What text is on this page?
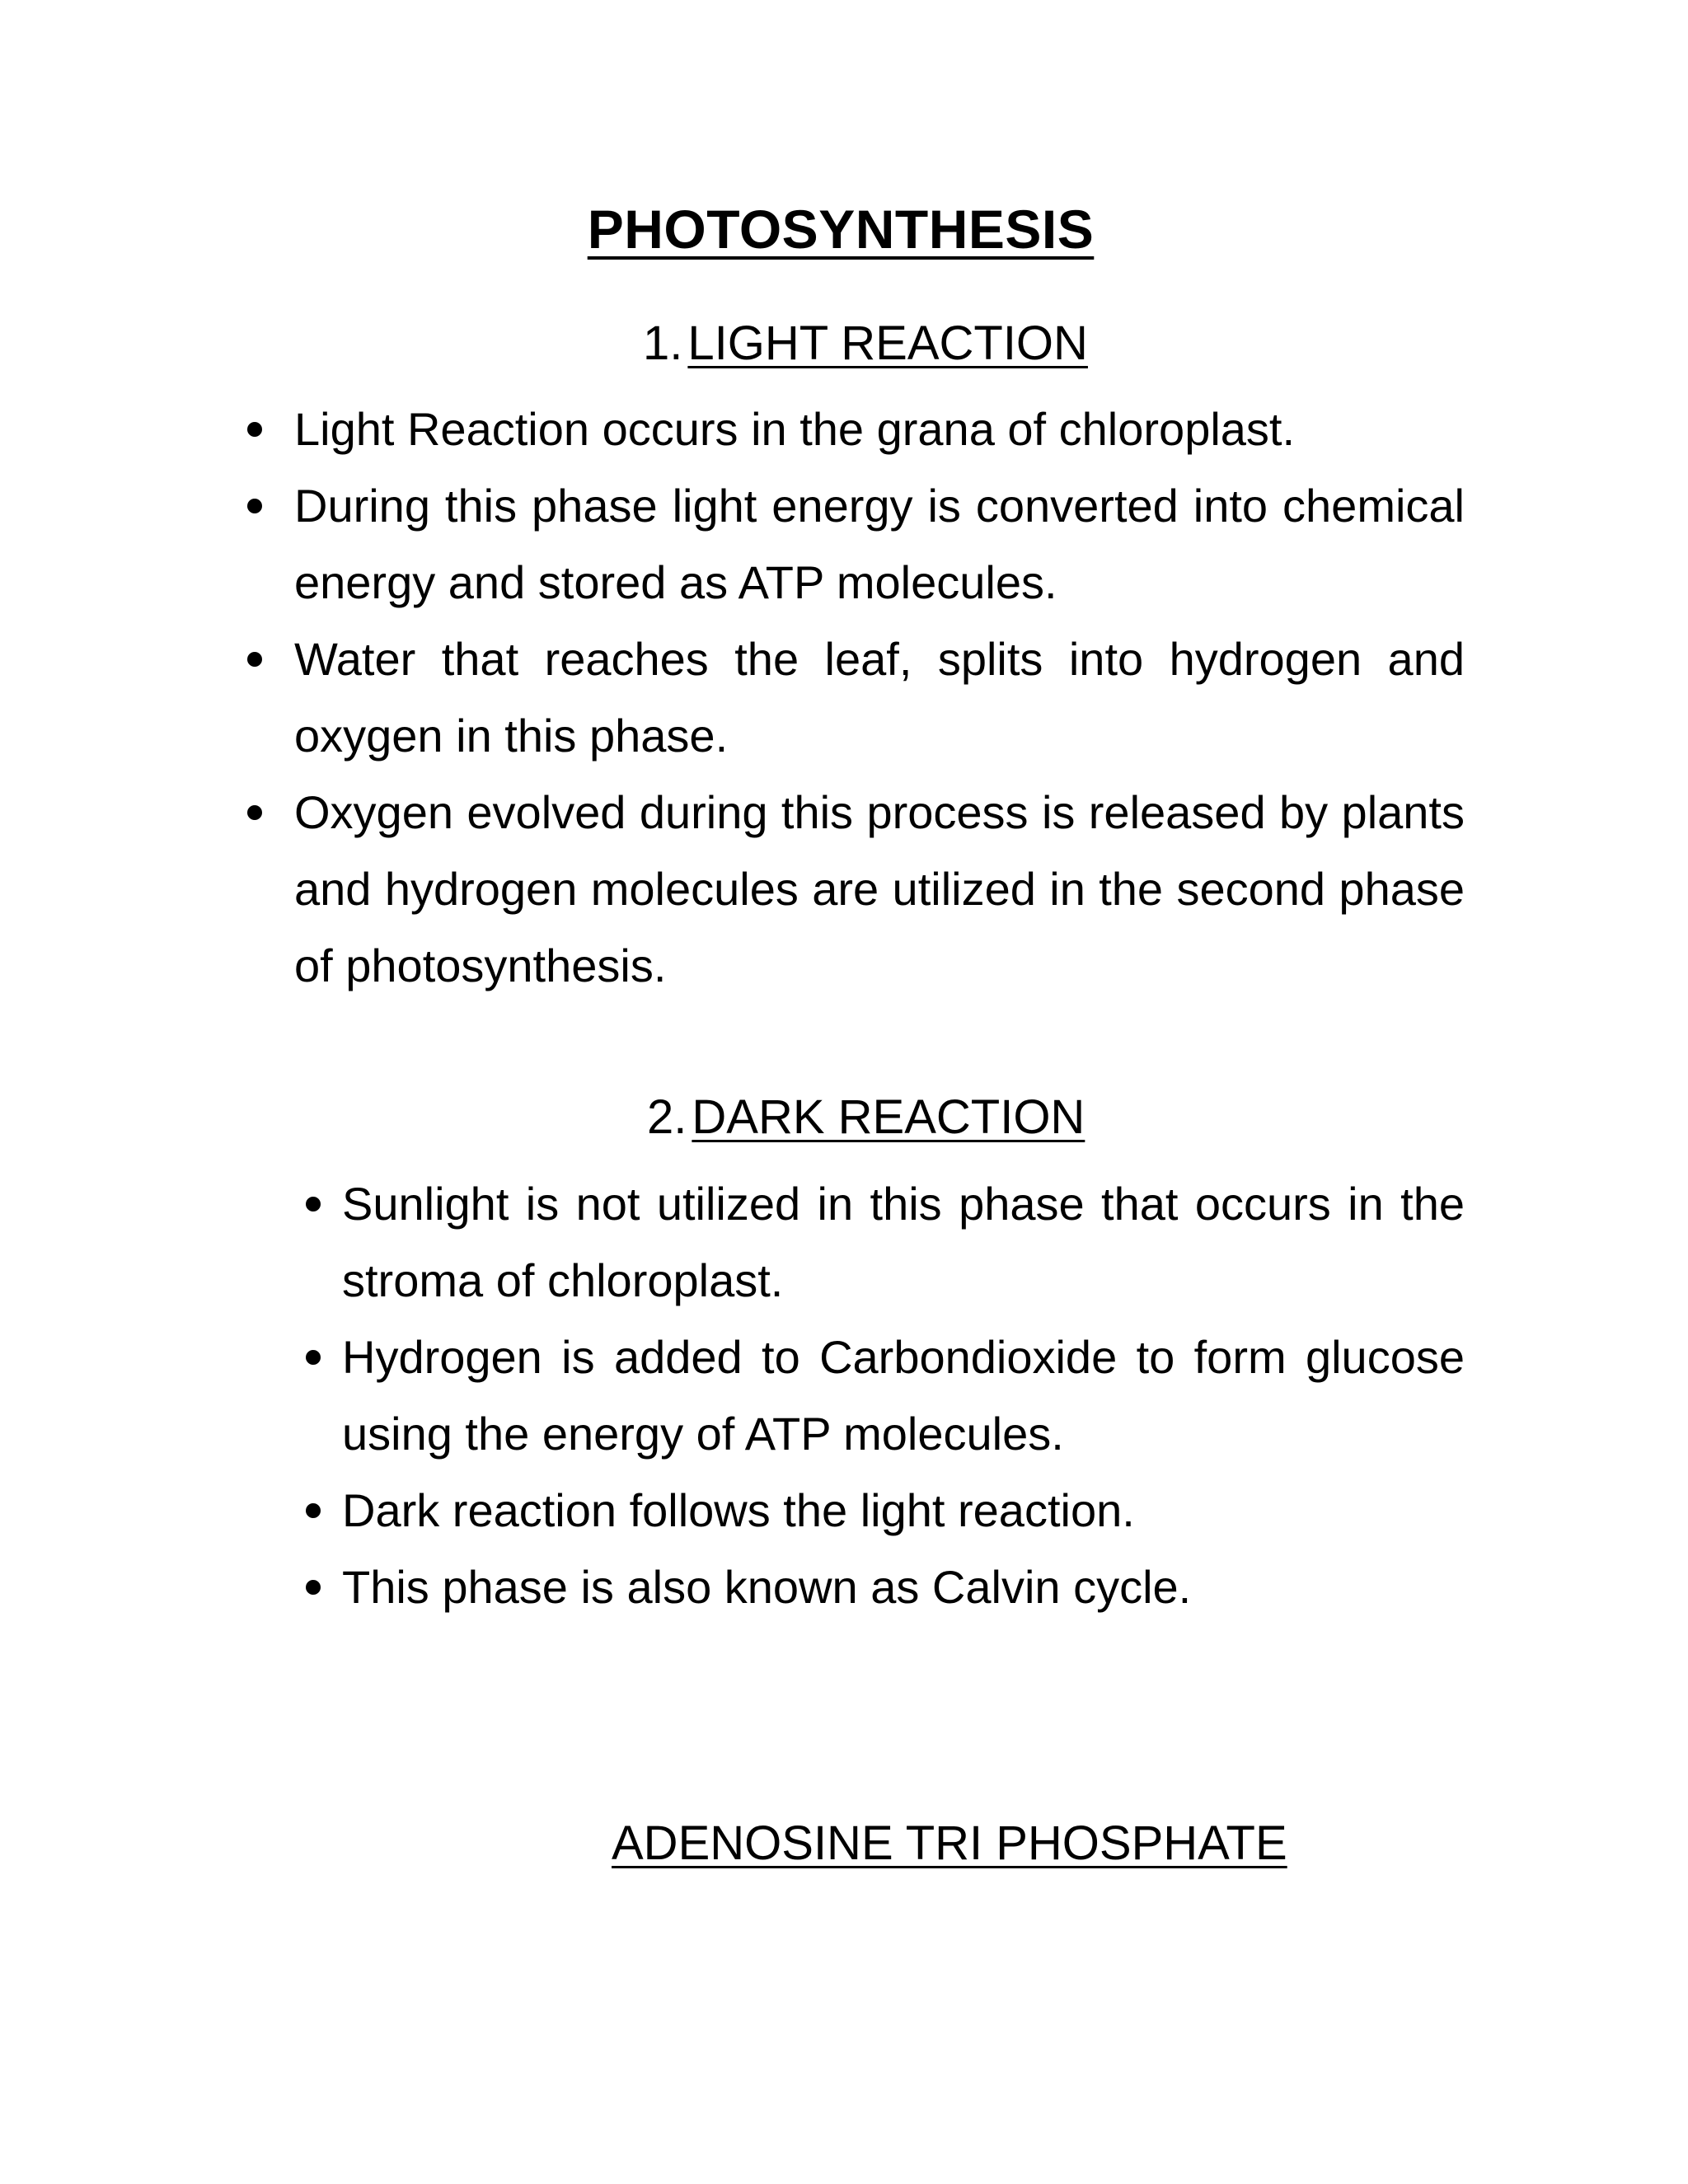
PHOTOSYNTHESIS
1. LIGHT REACTION
Light Reaction occurs in the grana of chloroplast.
During this phase light energy is converted into chemical energy and stored as ATP molecules.
Water that reaches the leaf, splits into hydrogen and oxygen in this phase.
Oxygen evolved during this process is released by plants and hydrogen molecules are utilized in the second phase of photosynthesis.
2. DARK REACTION
Sunlight is not utilized in this phase that occurs in the stroma of chloroplast.
Hydrogen is added to Carbondioxide to form glucose using the energy of ATP molecules.
Dark reaction follows the light reaction.
This phase is also known as Calvin cycle.
ADENOSINE TRI PHOSPHATE
